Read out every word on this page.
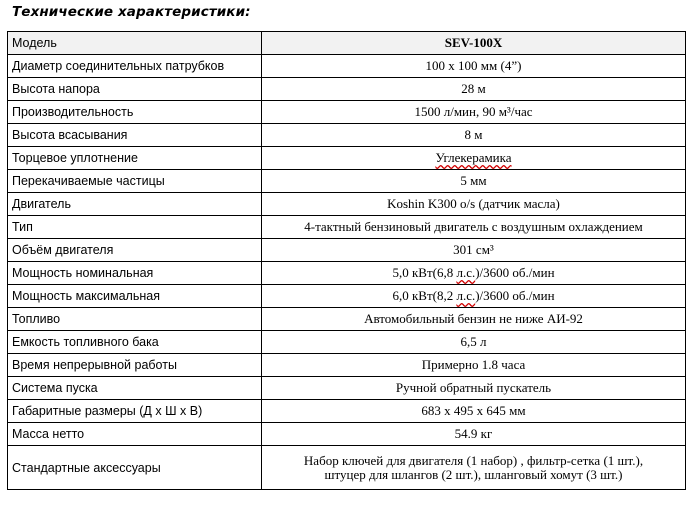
Технические характеристики:
Модель	SEV-100X
Диаметр соединительных патрубков	100 х 100 мм (4”)
Высота напора	28 м
Производительность	1500 л/мин, 90 м³/час
Высота всасывания	8 м
Торцевое уплотнение	Углекерамика
Перекачиваемые частицы	5 мм
Двигатель	Koshin K300 o/s (датчик масла)
Тип	4-тактный бензиновый двигатель с воздушным охлаждением
Объём двигателя	301 см³
Мощность номинальная	5,0 кВт(6,8 л.с.)/3600 об./мин
Мощность максимальная	6,0 кВт(8,2 л.с.)/3600 об./мин
Топливо	Автомобильный бензин не ниже АИ-92
Емкость топливного бака	6,5 л
Время непрерывной работы	Примерно 1.8 часа
Система пуска	Ручной обратный пускатель
Габаритные размеры (Д х Ш х В)	683 х 495 х 645 мм
Масса нетто	54.9 кг
Стандартные аксессуары	Набор ключей для двигателя (1 набор) , фильтр-сетка (1 шт.),
штуцер для шлангов (2 шт.), шланговый хомут (3 шт.)
